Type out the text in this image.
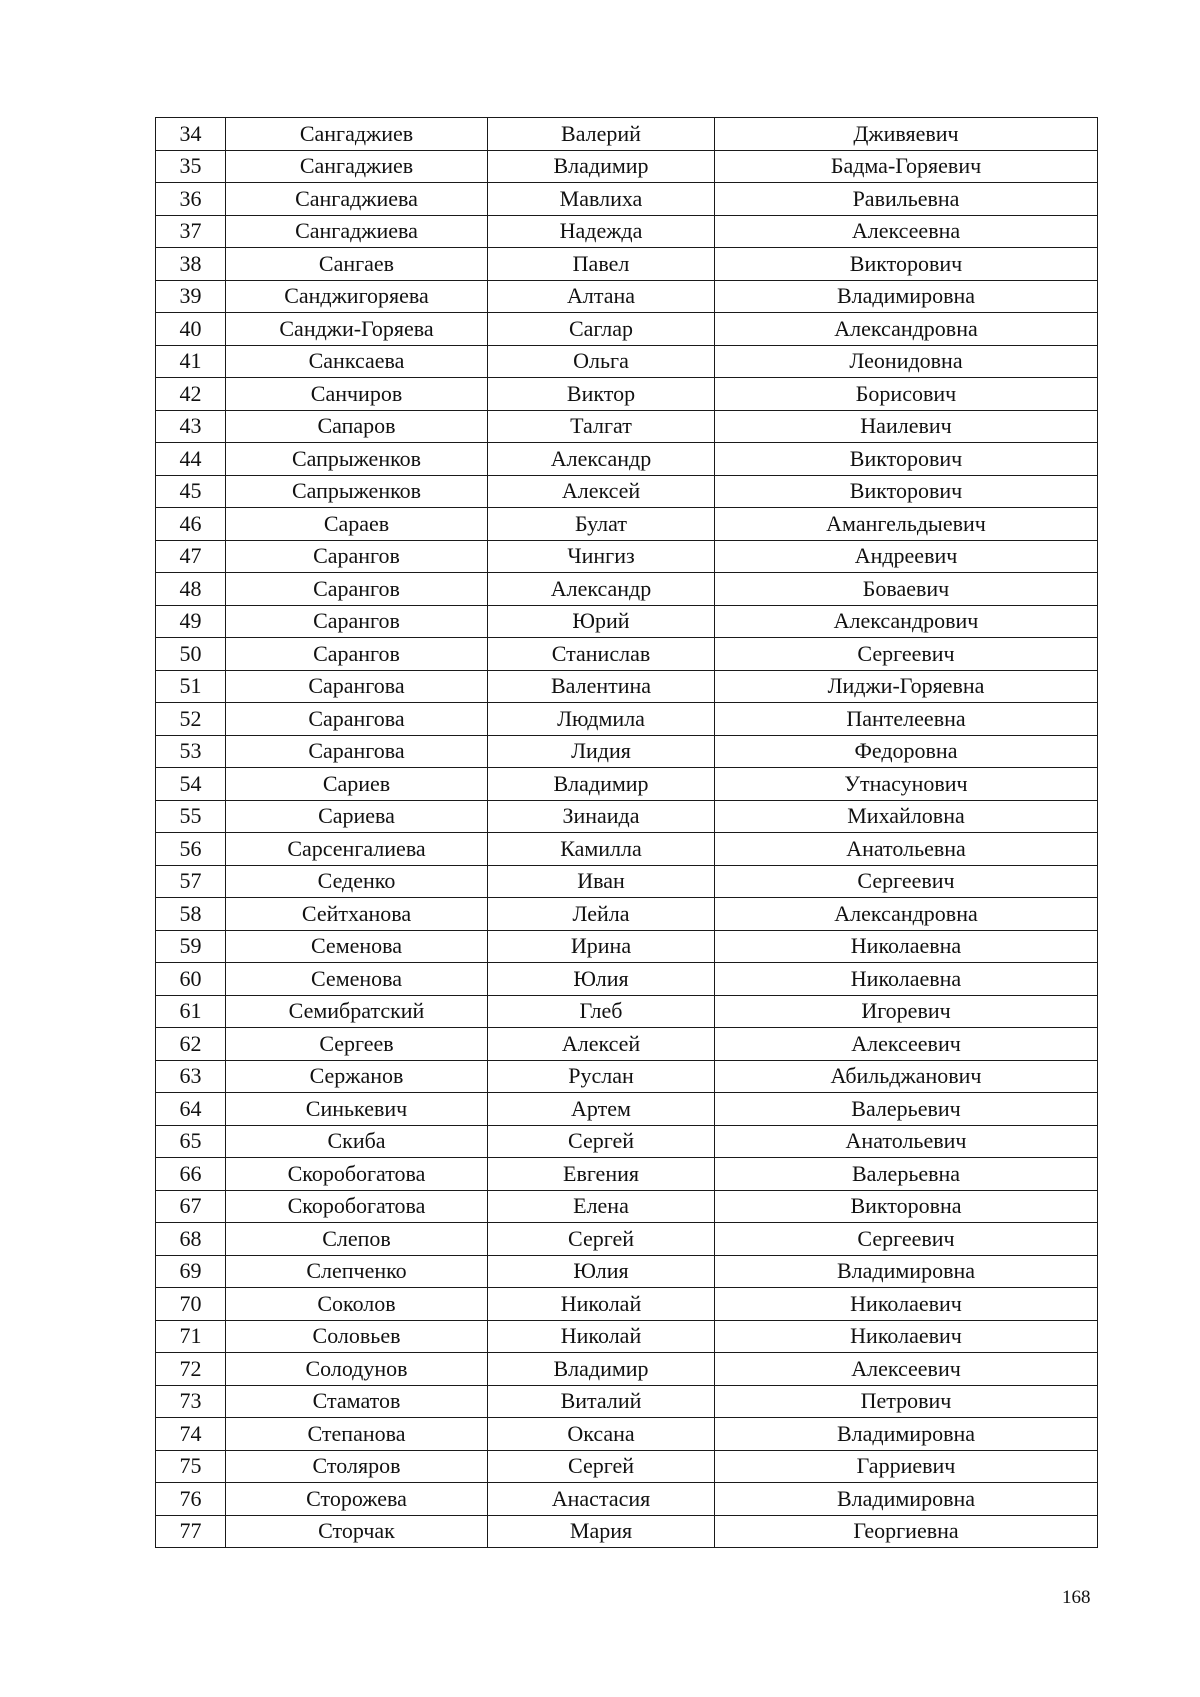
34	Сангаджиев	Валерий	Дживяевич
35	Сангаджиев	Владимир	Бадма-Горяевич
36	Сангаджиева	Мавлиха	Равильевна
37	Сангаджиева	Надежда	Алексеевна
38	Сангаев	Павел	Викторович
39	Санджигоряева	Алтана	Владимировна
40	Санджи-Горяева	Саглар	Александровна
41	Санксаева	Ольга	Леонидовна
42	Санчиров	Виктор	Борисович
43	Сапаров	Талгат	Наилевич
44	Сапрыженков	Александр	Викторович
45	Сапрыженков	Алексей	Викторович
46	Сараев	Булат	Амангельдыевич
47	Сарангов	Чингиз	Андреевич
48	Сарангов	Александр	Боваевич
49	Сарангов	Юрий	Александрович
50	Сарангов	Станислав	Сергеевич
51	Сарангова	Валентина	Лиджи-Горяевна
52	Сарангова	Людмила	Пантелеевна
53	Сарангова	Лидия	Федоровна
54	Сариев	Владимир	Утнасунович
55	Сариева	Зинаида	Михайловна
56	Сарсенгалиева	Камилла	Анатольевна
57	Седенко	Иван	Сергеевич
58	Сейтханова	Лейла	Александровна
59	Семенова	Ирина	Николаевна
60	Семенова	Юлия	Николаевна
61	Семибратский	Глеб	Игоревич
62	Сергеев	Алексей	Алексеевич
63	Сержанов	Руслан	Абильджанович
64	Синькевич	Артем	Валерьевич
65	Скиба	Сергей	Анатольевич
66	Скоробогатова	Евгения	Валерьевна
67	Скоробогатова	Елена	Викторовна
68	Слепов	Сергей	Сергеевич
69	Слепченко	Юлия	Владимировна
70	Соколов	Николай	Николаевич
71	Соловьев	Николай	Николаевич
72	Солодунов	Владимир	Алексеевич
73	Стаматов	Виталий	Петрович
74	Степанова	Оксана	Владимировна
75	Столяров	Сергей	Гарриевич
76	Сторожева	Анастасия	Владимировна
77	Сторчак	Мария	Георгиевна
168
